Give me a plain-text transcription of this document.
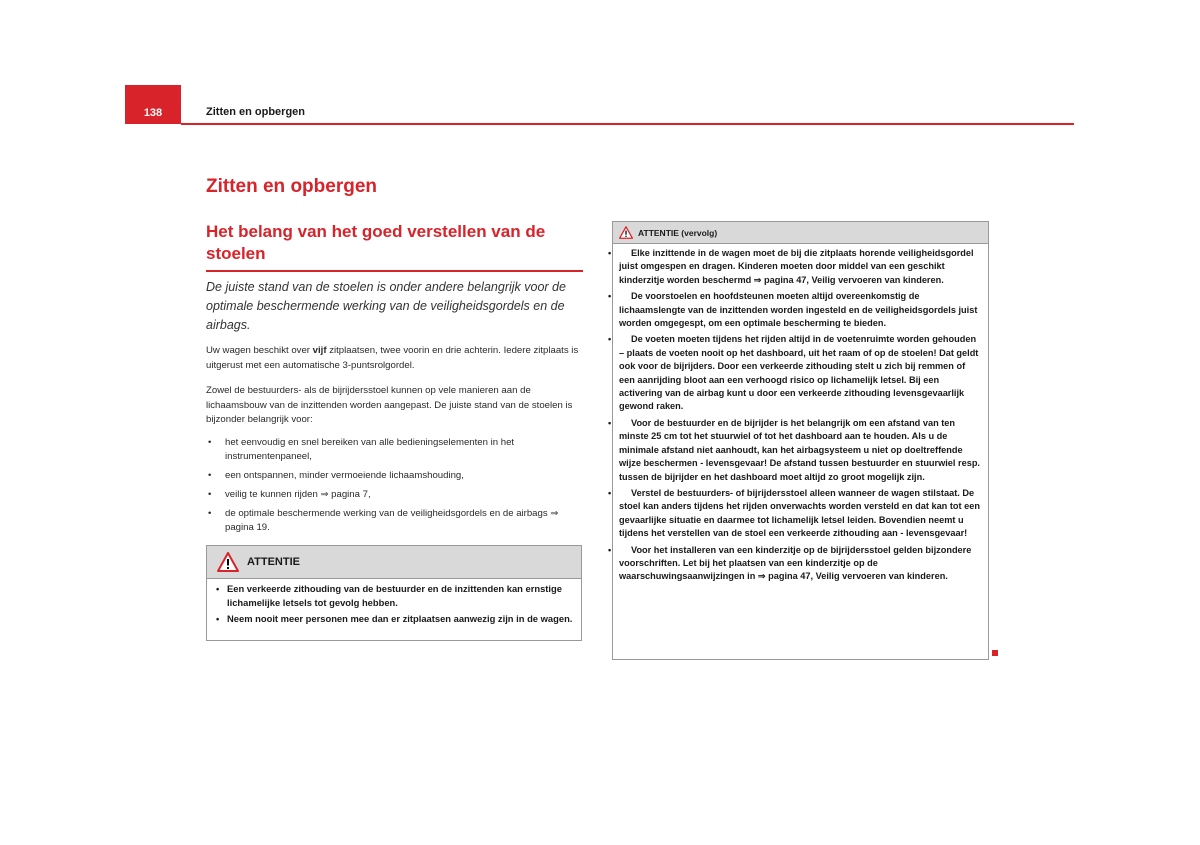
138	Zitten en opbergen
Zitten en opbergen
Het belang van het goed verstellen van de stoelen

De juiste stand van de stoelen is onder andere belangrijk voor de optimale beschermende werking van de veiligheidsgordels en de airbags.

Uw wagen beschikt over vijf zitplaatsen, twee voorin en drie achterin. Iedere zitplaats is uitgerust met een automatische 3-puntsrolgordel.

Zowel de bestuurders- als de bijrijdersstoel kunnen op vele manieren aan de lichaamsbouw van de inzittenden worden aangepast. De juiste stand van de stoelen is bijzonder belangrijk voor:

• het eenvoudig en snel bereiken van alle bedieningselementen in het instrumentenpaneel,
• een ontspannen, minder vermoeiende lichaamshouding,
• veilig te kunnen rijden ⇒ pagina 7,
• de optimale beschermende werking van de veiligheidsgordels en de airbags ⇒ pagina 19.
ATTENTIE
• Een verkeerde zithouding van de bestuurder en de inzittenden kan ernstige lichamelijke letsels tot gevolg hebben.
• Neem nooit meer personen mee dan er zitplaatsen aanwezig zijn in de wagen.
ATTENTIE (vervolg)
• Elke inzittende in de wagen moet de bij die zitplaats horende veiligheidsgordel juist omgespen en dragen. Kinderen moeten door middel van een geschikt kinderzitje worden beschermd ⇒ pagina 47, Veilig vervoeren van kinderen.
• De voorstoelen en hoofdsteunen moeten altijd overeenkomstig de lichaamslengte van de inzittenden worden ingesteld en de veiligheidsgordels juist worden omgegespt, om een optimale bescherming te bieden.
• De voeten moeten tijdens het rijden altijd in de voetenruimte worden gehouden – plaats de voeten nooit op het dashboard, uit het raam of op de stoelen! Dat geldt ook voor de bijrijders. Door een verkeerde zithouding stelt u zich bij remmen of een aanrijding bloot aan een verhoogd risico op lichamelijk letsel. Bij een activering van de airbag kunt u door een verkeerde zithouding levensgevaarlijk gewond raken.
• Voor de bestuurder en de bijrijder is het belangrijk om een afstand van ten minste 25 cm tot het stuurwiel of tot het dashboard aan te houden. Als u de minimale afstand niet aanhoudt, kan het airbagsysteem u niet op doeltreffende wijze beschermen - levensgevaar! De afstand tussen bestuurder en stuurwiel resp. tussen de bijrijder en het dashboard moet altijd zo groot mogelijk zijn.
• Verstel de bestuurders- of bijrijdersstoel alleen wanneer de wagen stilstaat. De stoel kan anders tijdens het rijden onverwachts worden versteld en dat kan tot een gevaarlijke situatie en daarmee tot lichamelijk letsel leiden. Bovendien neemt u tijdens het verstellen van de stoel een verkeerde zithouding aan - levensgevaar!
• Voor het installeren van een kinderzitje op de bijrijdersstoel gelden bijzondere voorschriften. Let bij het plaatsen van een kinderzitje op de waarschuwingsaanwijzingen in ⇒ pagina 47, Veilig vervoeren van kinderen.
